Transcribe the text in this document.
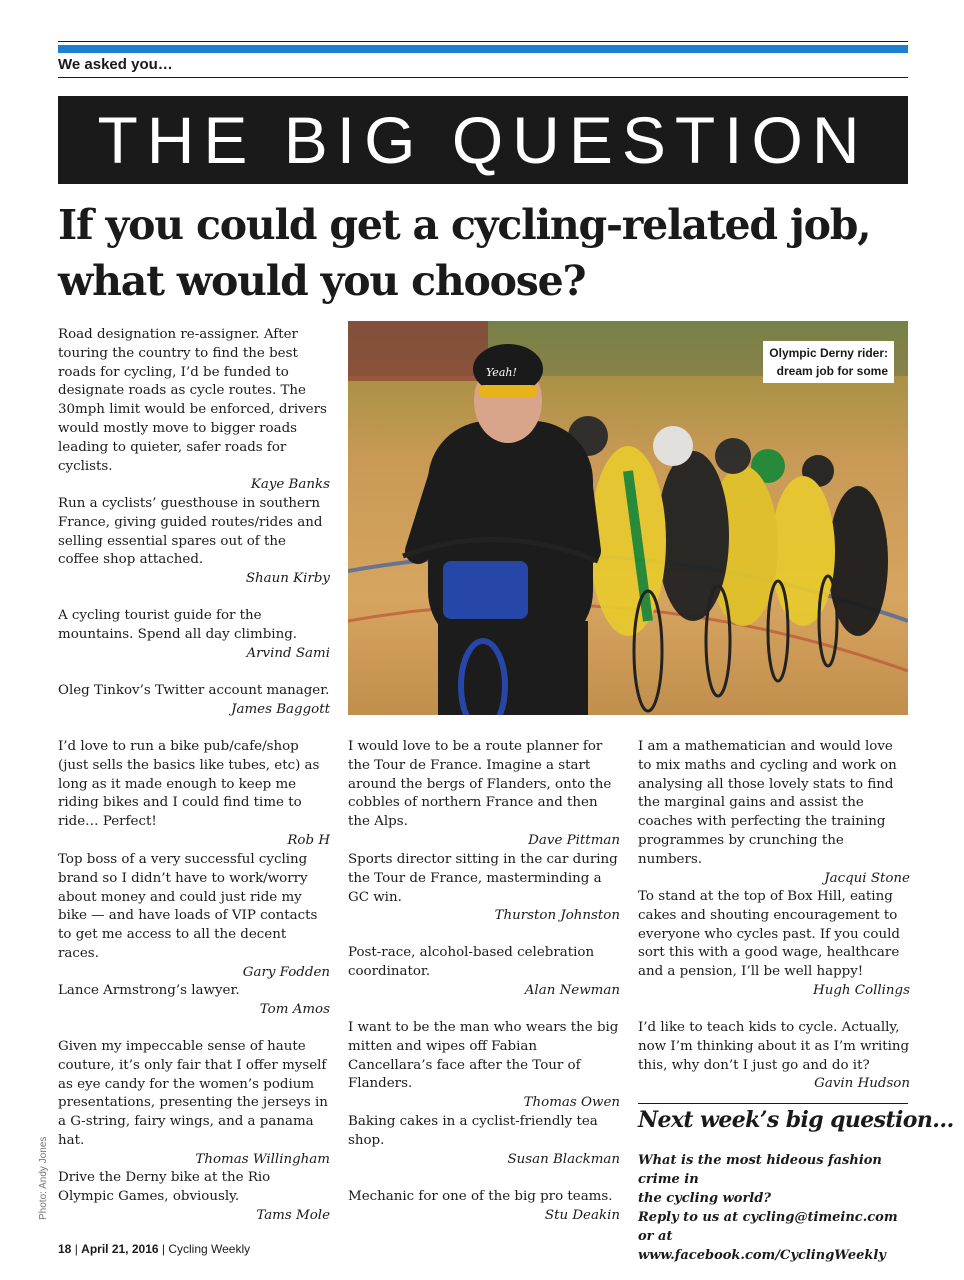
We asked you…
THE BIG QUESTION
If you could get a cycling-related job,
what would you choose?
Yeah!
Olympic Derny rider:
dream job for some
Photo: Andy Jones

Road designation re-assigner. After touring the country to find the best roads for cycling, I’d be funded to designate roads as cycle routes. The 30mph limit would be enforced, drivers would mostly move to bigger roads leading to quieter, safer roads for cyclists.

Kaye Banks

Run a cyclists’ guesthouse in southern France, giving guided routes/rides and selling essential spares out of the coffee shop attached.

Shaun Kirby

A cycling tourist guide for the mountains. Spend all day climbing.

Arvind Sami

Oleg Tinkov’s Twitter account manager.

James Baggott

I’d love to run a bike pub/cafe/shop (just sells the basics like tubes, etc) as long as it made enough to keep me riding bikes and I could find time to ride… Perfect!

Rob H

Top boss of a very successful cycling brand so I didn’t have to work/worry about money and could just ride my bike — and have loads of VIP contacts to get me access to all the decent races.

Gary Fodden

Lance Armstrong’s lawyer.

Tom Amos

Given my impeccable sense of haute couture, it’s only fair that I offer myself as eye candy for the women’s podium presentations, presenting the jerseys in a G-string, fairy wings, and a panama hat.

Thomas Willingham

Drive the Derny bike at the Rio Olympic Games, obviously.

Tams Mole

I would love to be a route planner for the Tour de France. Imagine a start around the bergs of Flanders, onto the cobbles of northern France and then the Alps.

Dave Pittman

Sports director sitting in the car during the Tour de France, masterminding a GC win.

Thurston Johnston

Post-race, alcohol-based celebration coordinator.

Alan Newman

I want to be the man who wears the big mitten and wipes off Fabian Cancellara’s face after the Tour of Flanders.

Thomas Owen

Baking cakes in a cyclist-friendly tea shop.

Susan Blackman

Mechanic for one of the big pro teams.

Stu Deakin

I am a mathematician and would love to mix maths and cycling and work on analysing all those lovely stats to find the marginal gains and assist the coaches with perfecting the training programmes by crunching the numbers.

Jacqui Stone

To stand at the top of Box Hill, eating cakes and shouting encouragement to everyone who cycles past. If you could sort this with a good wage, healthcare and a pension, I’ll be well happy!

Hugh Collings

I’d like to teach kids to cycle. Actually, now I’m thinking about it as I’m writing this, why don’t I just go and do it?

Gavin Hudson

Next week’s big question…

What is the most hideous fashion crime in
the cycling world?
Reply to us at cycling@timeinc.com or at
www.facebook.com/CyclingWeekly

18 | April 21, 2016 | Cycling Weekly
